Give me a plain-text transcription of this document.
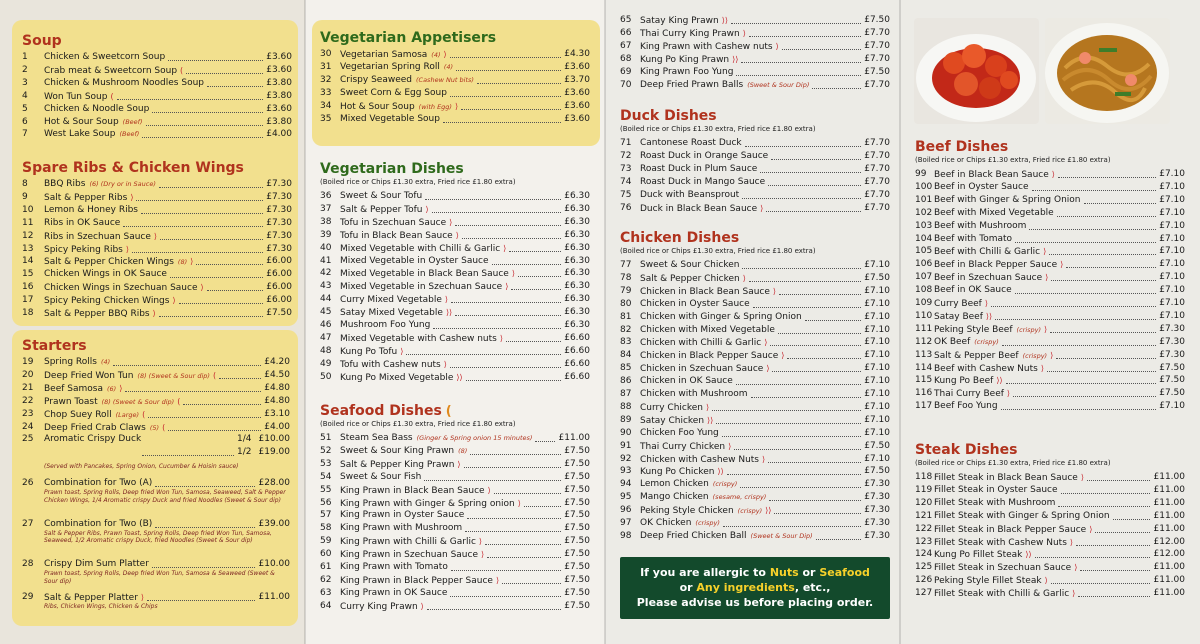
Soup
1 Chicken & Sweetcorn Soup	£3.60
2 Crab meat & Sweetcorn Soup (	£3.60
3 Chicken & Mushroom Noodles Soup	£3.80
4 Won Tun Soup (	£3.80
5 Chicken & Noodle Soup	£3.60
6 Hot & Sour Soup (Beef)	£3.80
7 West Lake Soup (Beef)	£4.00
Spare Ribs & Chicken Wings
8 BBQ Ribs (6) (Dry or in Sauce)	£7.30
9 Salt & Pepper Ribs ⟩	£7.30
10 Lemon & Honey Ribs	£7.30
11 Ribs in OK Sauce	£7.30
12 Ribs in Szechuan Sauce ⟩	£7.30
13 Spicy Peking Ribs ⟩	£7.30
14 Salt & Pepper Chicken Wings (8) ⟩	£6.00
15 Chicken Wings in OK Sauce	£6.00
16 Chicken Wings in Szechuan Sauce ⟩	£6.00
17 Spicy Peking Chicken Wings ⟩	£6.00
18 Salt & Pepper BBQ Ribs ⟩	£7.50
Starters
19 Spring Rolls (4)	£4.20
20 Deep Fried Won Tun (8) (Sweet & Sour dip) (	£4.50
21 Beef Samosa (6) ⟩	£4.80
22 Prawn Toast (8) (Sweet & Sour dip) (	£4.80
23 Chop Suey Roll (Large) (	£3.10
24 Deep Fried Crab Claws (5) (	£4.00
25 Aromatic Crispy Duck	1/4 £10.00
1/2 £19.00
(Served with Pancakes, Spring Onion, Cucumber & Hoisin sauce)
26 Combination for Two (A)	£28.00
Prawn toast, Spring Rolls, Deep fried Won Tun, Samosa, Seaweed, Salt & Pepper Chicken Wings, 1/4 Aromatic crispy Duck and fried Noodles (Sweet & Sour dip)
27 Combination for Two (B)	£39.00
Salt & Pepper Ribs, Prawn Toast, Spring Rolls, Deep fried Won Tun, Samosa, Seaweed, 1/2 Aromatic crispy Duck, fried Noodles (Sweet & Sour dip)
28 Crispy Dim Sum Platter	£10.00
Prawn toast, Spring Rolls, Deep fried Won Tun, Samosa & Seaweed (Sweet & Sour dip)
29 Salt & Pepper Platter ⟩	£11.00
Ribs, Chicken Wings, Chicken & Chips
Vegetarian Appetisers
30 Vegetarian Samosa (4) ⟩	£4.30
31 Vegetarian Spring Roll (4)	£3.60
32 Crispy Seaweed (Cashew Nut bits)	£3.70
33 Sweet Corn & Egg Soup	£3.60
34 Hot & Sour Soup (with Egg) ⟩	£3.60
35 Mixed Vegetable Soup	£3.60
Vegetarian Dishes
(Boiled rice or Chips £1.30 extra, Fried rice £1.80 extra)
36 Sweet & Sour Tofu	£6.30
37 Salt & Pepper Tofu ⟩	£6.30
38 Tofu in Szechuan Sauce ⟩	£6.30
39 Tofu in Black Bean Sauce ⟩	£6.30
40 Mixed Vegetable with Chilli & Garlic ⟩	£6.30
41 Mixed Vegetable in Oyster Sauce	£6.30
42 Mixed Vegetable in Black Bean Sauce ⟩	£6.30
43 Mixed Vegetable in Szechuan Sauce ⟩	£6.30
44 Curry Mixed Vegetable ⟩	£6.30
45 Satay Mixed Vegetable ⟩⟩	£6.30
46 Mushroom Foo Yung	£6.30
47 Mixed Vegetable with Cashew nuts ⟩	£6.60
48 Kung Po Tofu ⟩	£6.60
49 Tofu with Cashew nuts ⟩	£6.60
50 Kung Po Mixed Vegetable ⟩⟩	£6.60
Seafood Dishes (
(Boiled rice or Chips £1.30 extra, Fried rice £1.80 extra)
51 Steam Sea Bass (Ginger & Spring onion 15 minutes)	£11.00
52 Sweet & Sour King Prawn (8)	£7.50
53 Salt & Pepper King Prawn ⟩	£7.50
54 Sweet & Sour Fish	£7.50
55 King Prawn in Black Bean Sauce ⟩	£7.50
56 King Prawn with Ginger & Spring onion ⟩	£7.50
57 King Prawn in Oyster Sauce	£7.50
58 King Prawn with Mushroom	£7.50
59 King Prawn with Chilli & Garlic ⟩	£7.50
60 King Prawn in Szechuan Sauce ⟩	£7.50
61 King Prawn with Tomato	£7.50
62 King Prawn in Black Pepper Sauce ⟩	£7.50
63 King Prawn in OK Sauce	£7.50
64 Curry King Prawn ⟩	£7.50
If you are allergic to Nuts or Seafood
or Any ingredients, etc.,
Please advise us before placing order.
65 Satay King Prawn ⟩⟩	£7.50
66 Thai Curry King Prawn ⟩	£7.70
67 King Prawn with Cashew nuts ⟩	£7.70
68 Kung Po King Prawn ⟩⟩	£7.70
69 King Prawn Foo Yung	£7.50
70 Deep Fried Prawn Balls (Sweet & Sour Dip)	£7.70
Duck Dishes
(Boiled rice or Chips £1.30 extra, Fried rice £1.80 extra)
71 Cantonese Roast Duck	£7.70
72 Roast Duck in Orange Sauce	£7.70
73 Roast Duck in Plum Sauce	£7.70
74 Roast Duck in Mango Sauce	£7.70
75 Duck with Beansprout	£7.70
76 Duck in Black Bean Sauce ⟩	£7.70
Chicken Dishes
(Boiled rice or Chips £1.30 extra, Fried rice £1.80 extra)
77 Sweet & Sour Chicken	£7.10
78 Salt & Pepper Chicken ⟩	£7.50
79 Chicken in Black Bean Sauce ⟩	£7.10
80 Chicken in Oyster Sauce	£7.10
81 Chicken with Ginger & Spring Onion	£7.10
82 Chicken with Mixed Vegetable	£7.10
83 Chicken with Chilli & Garlic ⟩	£7.10
84 Chicken in Black Pepper Sauce ⟩	£7.10
85 Chicken in Szechuan Sauce ⟩	£7.10
86 Chicken in OK Sauce	£7.10
87 Chicken with Mushroom	£7.10
88 Curry Chicken ⟩	£7.10
89 Satay Chicken ⟩⟩	£7.10
90 Chicken Foo Yung	£7.10
91 Thai Curry Chicken ⟩	£7.50
92 Chicken with Cashew Nuts ⟩	£7.10
93 Kung Po Chicken ⟩⟩	£7.50
94 Lemon Chicken (crispy)	£7.30
95 Mango Chicken (sesame, crispy)	£7.30
96 Peking Style Chicken (crispy) ⟩⟩	£7.30
97 OK Chicken (crispy)	£7.30
98 Deep Fried Chicken Ball (Sweet & Sour Dip)	£7.30
Beef Dishes
(Boiled rice or Chips £1.30 extra, Fried rice £1.80 extra)
99 Beef in Black Bean Sauce ⟩	£7.10
100 Beef in Oyster Sauce	£7.10
101 Beef with Ginger & Spring Onion	£7.10
102 Beef with Mixed Vegetable	£7.10
103 Beef with Mushroom	£7.10
104 Beef with Tomato	£7.10
105 Beef with Chilli & Garlic ⟩	£7.10
106 Beef in Black Pepper Sauce ⟩	£7.10
107 Beef in Szechuan Sauce ⟩	£7.10
108 Beef in OK Sauce	£7.10
109 Curry Beef ⟩	£7.10
110 Satay Beef ⟩⟩	£7.10
111 Peking Style Beef (crispy) ⟩	£7.30
112 OK Beef (crispy)	£7.30
113 Salt & Pepper Beef (crispy) ⟩	£7.30
114 Beef with Cashew Nuts ⟩	£7.50
115 Kung Po Beef ⟩⟩	£7.50
116 Thai Curry Beef ⟩	£7.50
117 Beef Foo Yung	£7.10
Steak Dishes
(Boiled rice or Chips £1.30 extra, Fried rice £1.80 extra)
118 Fillet Steak in Black Bean Sauce ⟩	£11.00
119 Fillet Steak in Oyster Sauce	£11.00
120 Fillet Steak with Mushroom	£11.00
121 Fillet Steak with Ginger & Spring Onion	£11.00
122 Fillet Steak in Black Pepper Sauce ⟩	£11.00
123 Fillet Steak with Cashew Nuts ⟩	£12.00
124 Kung Po Fillet Steak ⟩⟩	£12.00
125 Fillet Steak in Szechuan Sauce ⟩	£11.00
126 Peking Style Fillet Steak ⟩	£11.00
127 Fillet Steak with Chilli & Garlic ⟩	£11.00
